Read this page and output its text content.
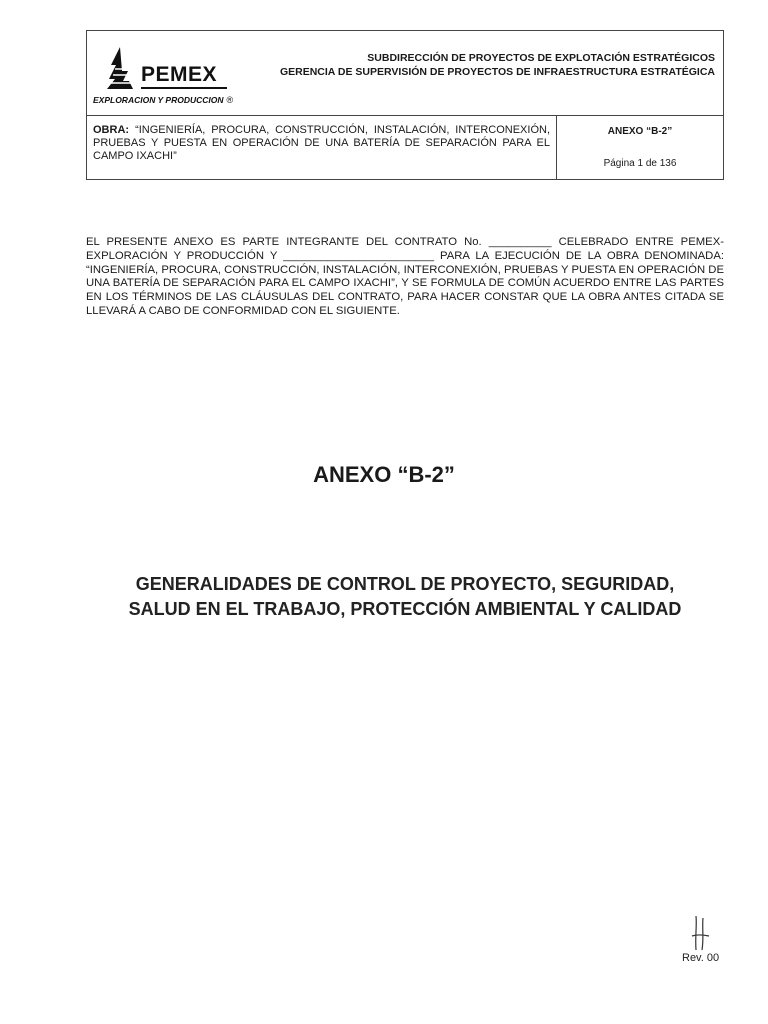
PEMEX
EXPLORACION Y PRODUCCION ®
SUBDIRECCIÓN DE PROYECTOS DE EXPLOTACIÓN ESTRATÉGICOS
GERENCIA DE SUPERVISIÓN DE PROYECTOS DE INFRAESTRUCTURA ESTRATÉGICA
OBRA: “INGENIERÍA, PROCURA, CONSTRUCCIÓN, INSTALACIÓN, INTERCONEXIÓN, PRUEBAS Y PUESTA EN OPERACIÓN DE UNA BATERÍA DE SEPARACIÓN PARA EL CAMPO IXACHI”
ANEXO “B-2”
Página 1 de 136
EL PRESENTE ANEXO ES PARTE INTEGRANTE DEL CONTRATO No. __________ CELEBRADO ENTRE PEMEX-EXPLORACIÓN Y PRODUCCIÓN Y ________________________ PARA LA EJECUCIÓN DE LA OBRA DENOMINADA: “INGENIERÍA, PROCURA, CONSTRUCCIÓN, INSTALACIÓN, INTERCONEXIÓN, PRUEBAS Y PUESTA EN OPERACIÓN DE UNA BATERÍA DE SEPARACIÓN PARA EL CAMPO IXACHI”, Y SE FORMULA DE COMÚN ACUERDO ENTRE LAS PARTES EN LOS TÉRMINOS DE LAS CLÁUSULAS DEL CONTRATO, PARA HACER CONSTAR QUE LA OBRA ANTES CITADA SE LLEVARÁ A CABO DE CONFORMIDAD CON EL SIGUIENTE.
ANEXO “B-2”
GENERALIDADES DE CONTROL DE PROYECTO, SEGURIDAD,
SALUD EN EL TRABAJO, PROTECCIÓN AMBIENTAL Y CALIDAD
Rev. 00
